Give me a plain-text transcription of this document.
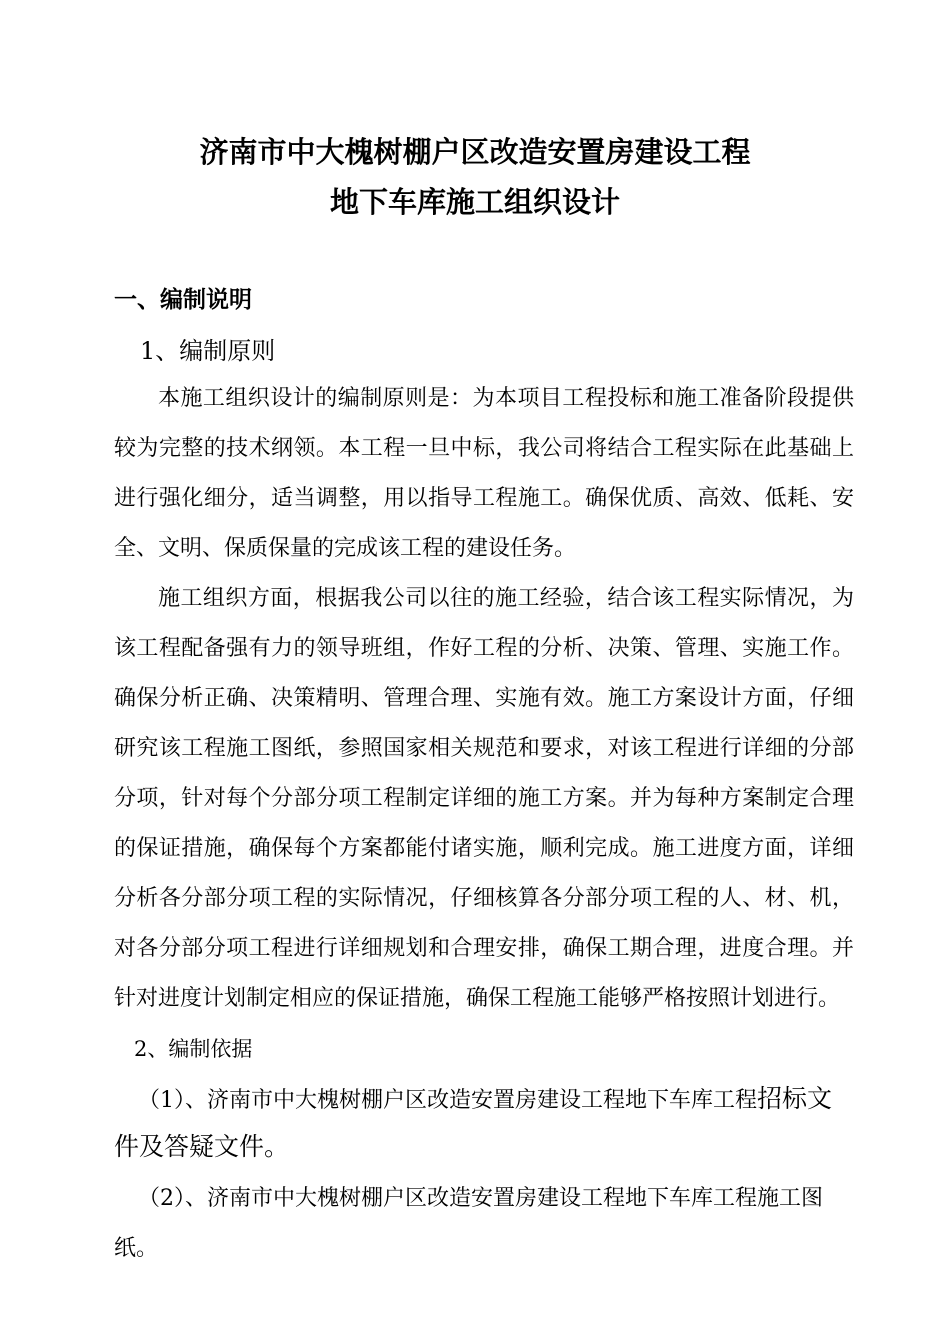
济南市中大槐树棚户区改造安置房建设工程
地下车库施工组织设计
一、编制说明
1、编制原则
本施工组织设计的编制原则是：为本项目工程投标和施工准备阶段提供
较为完整的技术纲领。本工程一旦中标，我公司将结合工程实际在此基础上
进行强化细分，适当调整，用以指导工程施工。确保优质、高效、低耗、安
全、文明、保质保量的完成该工程的建设任务。
施工组织方面，根据我公司以往的施工经验，结合该工程实际情况，为
该工程配备强有力的领导班组，作好工程的分析、决策、管理、实施工作。
确保分析正确、决策精明、管理合理、实施有效。施工方案设计方面，仔细
研究该工程施工图纸，参照国家相关规范和要求，对该工程进行详细的分部
分项，针对每个分部分项工程制定详细的施工方案。并为每种方案制定合理
的保证措施，确保每个方案都能付诸实施，顺利完成。施工进度方面，详细
分析各分部分项工程的实际情况，仔细核算各分部分项工程的人、材、机，
对各分部分项工程进行详细规划和合理安排，确保工期合理，进度合理。并
针对进度计划制定相应的保证措施，确保工程施工能够严格按照计划进行。
2、编制依据
（1）、济南市中大槐树棚户区改造安置房建设工程地下车库工程招标文
件及答疑文件。
（2）、济南市中大槐树棚户区改造安置房建设工程地下车库工程施工图
纸。
